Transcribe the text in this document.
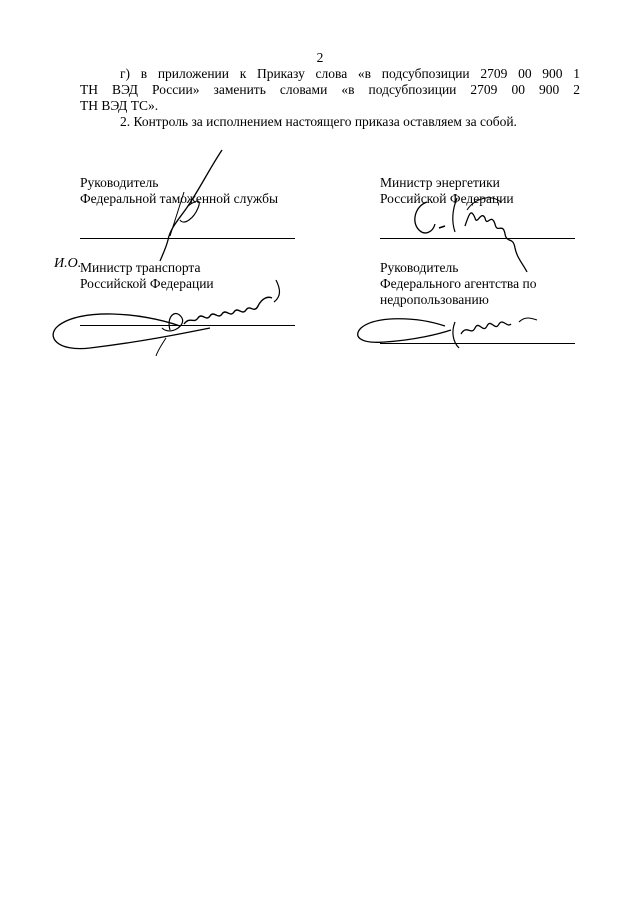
2

г) в приложении к Приказу слова «в подсубпозиции 2709 00 900 1

ТН ВЭД России» заменить словами «в подсубпозиции 2709 00 900 2

ТН ВЭД ТС».

2. Контроль за исполнением настоящего приказа оставляем за собой.

Руководитель

Федеральной таможенной службы

Министр энергетики

Российской Федерации

И.О.

Министр транспорта

Российской Федерации

Руководитель

Федерального агентства по

недропользованию
